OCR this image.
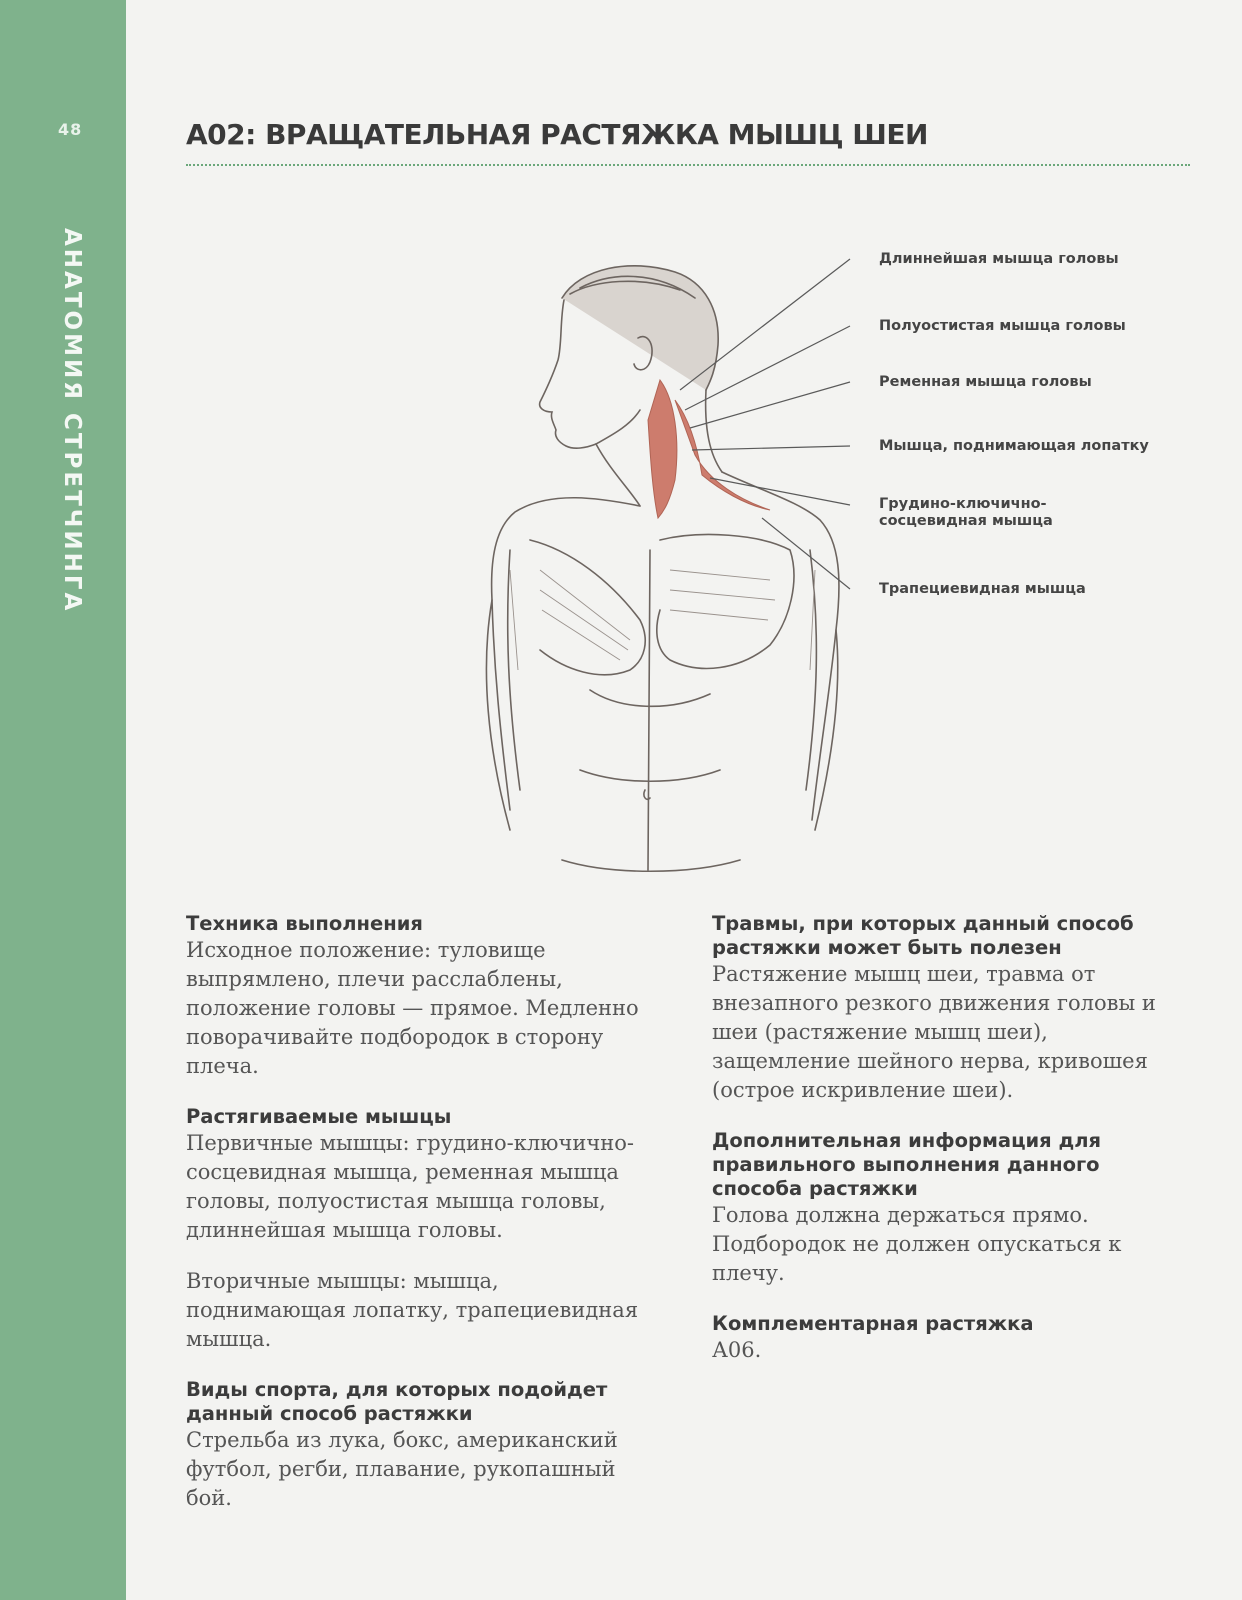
48
АНАТОМИЯ СТРЕТЧИНГА
А02: ВРАЩАТЕЛЬНАЯ РАСТЯЖКА МЫШЦ ШЕИ
Длиннейшая мышца головы
Полуостистая мышца головы
Ременная мышца головы
Мышца, поднимающая лопатку
Грудино-ключично-сосцевидная мышца
Трапециевидная мышца
Техника выполнения

Исходное положение: туловище выпрямлено, плечи расслаблены, положение головы — прямое. Медленно поворачивайте подбородок в сторону плеча.

Растягиваемые мышцы

Первичные мышцы: грудино-ключично-сосцевидная мышца, ременная мышца головы, полуостистая мышца головы, длиннейшая мышца головы.

Вторичные мышцы: мышца, поднимающая лопатку, трапециевидная мышца.

Виды спорта, для которых подойдет данный способ растяжки

Стрельба из лука, бокс, американский футбол, регби, плавание, рукопашный бой.

Травмы, при которых данный способ растяжки может быть полезен

Растяжение мышц шеи, травма от внезапного резкого движения головы и шеи (растяжение мышц шеи), защемление шейного нерва, кривошея (острое искривление шеи).

Дополнительная информация для правильного выполнения данного способа растяжки

Голова должна держаться прямо. Подбородок не должен опускаться к плечу.

Комплементарная растяжка

А06.
